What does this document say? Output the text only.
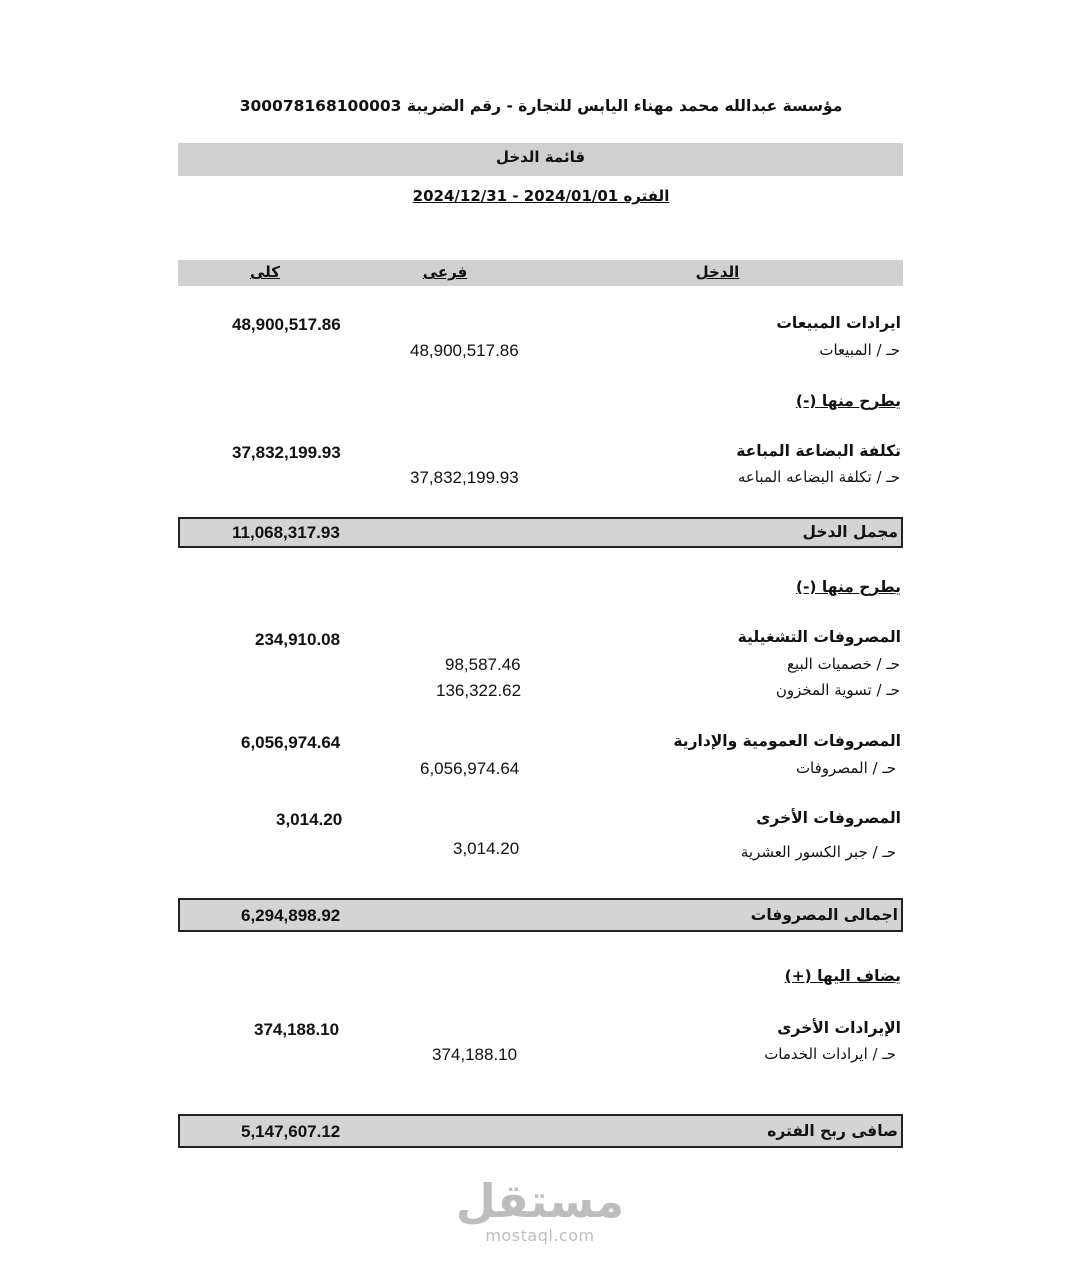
مؤسسة عبدالله محمد مهناء اليابس للتجارة - رقم الضريبة 300078168100003
قائمة الدخل
الفتره 2024/01/01 - 2024/12/31
الدخل
فرعى
كلى
ايرادات المبيعات
48,900,517.86
حـ / المبيعات
48,900,517.86
يطرح منها (-)
تكلفة البضاعة المباعة
37,832,199.93
حـ / تكلفة البضاعه المباعه
37,832,199.93
مجمل الدخل
11,068,317.93
يطرح منها (-)
المصروفات التشغيلية
234,910.08
حـ / خصميات البيع
98,587.46
حـ / تسوية المخزون
136,322.62
المصروفات العمومية والإدارية
6,056,974.64
حـ / المصروفات
6,056,974.64
المصروفات الأخرى
3,014.20
حـ / جبر الكسور العشرية
3,014.20
اجمالى المصروفات
6,294,898.92
يضاف اليها (+)
الإيرادات الأخرى
374,188.10
حـ / ايرادات الخدمات
374,188.10
صافى ربح الفتره
5,147,607.12
مستقل
mostaql.com
